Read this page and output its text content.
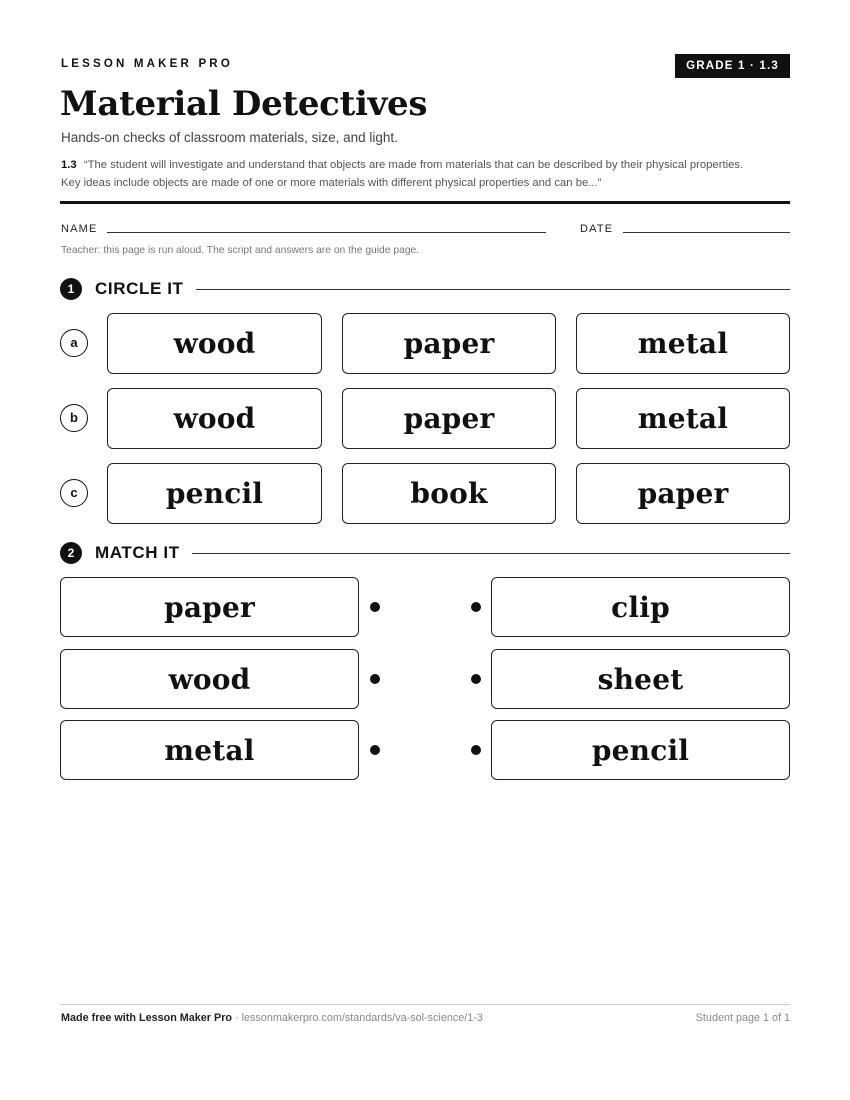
LESSON MAKER PRO	GRADE 1 · 1.3
Material Detectives
Hands-on checks of classroom materials, size, and light.
1.3 “The student will investigate and understand that objects are made from materials that can be described by their physical properties. Key ideas include objects are made of one or more materials with different physical properties and can be...”
NAME	DATE
Teacher: this page is run aloud. The script and answers are on the guide page.
1	CIRCLE IT
a	wood	paper	metal
b	wood	paper	metal
c	pencil	book	paper
2	MATCH IT
paper	clip
wood	sheet
metal	pencil
Made free with Lesson Maker Pro · lessonmakerpro.com/standards/va-sol-science/1-3	Student page 1 of 1
